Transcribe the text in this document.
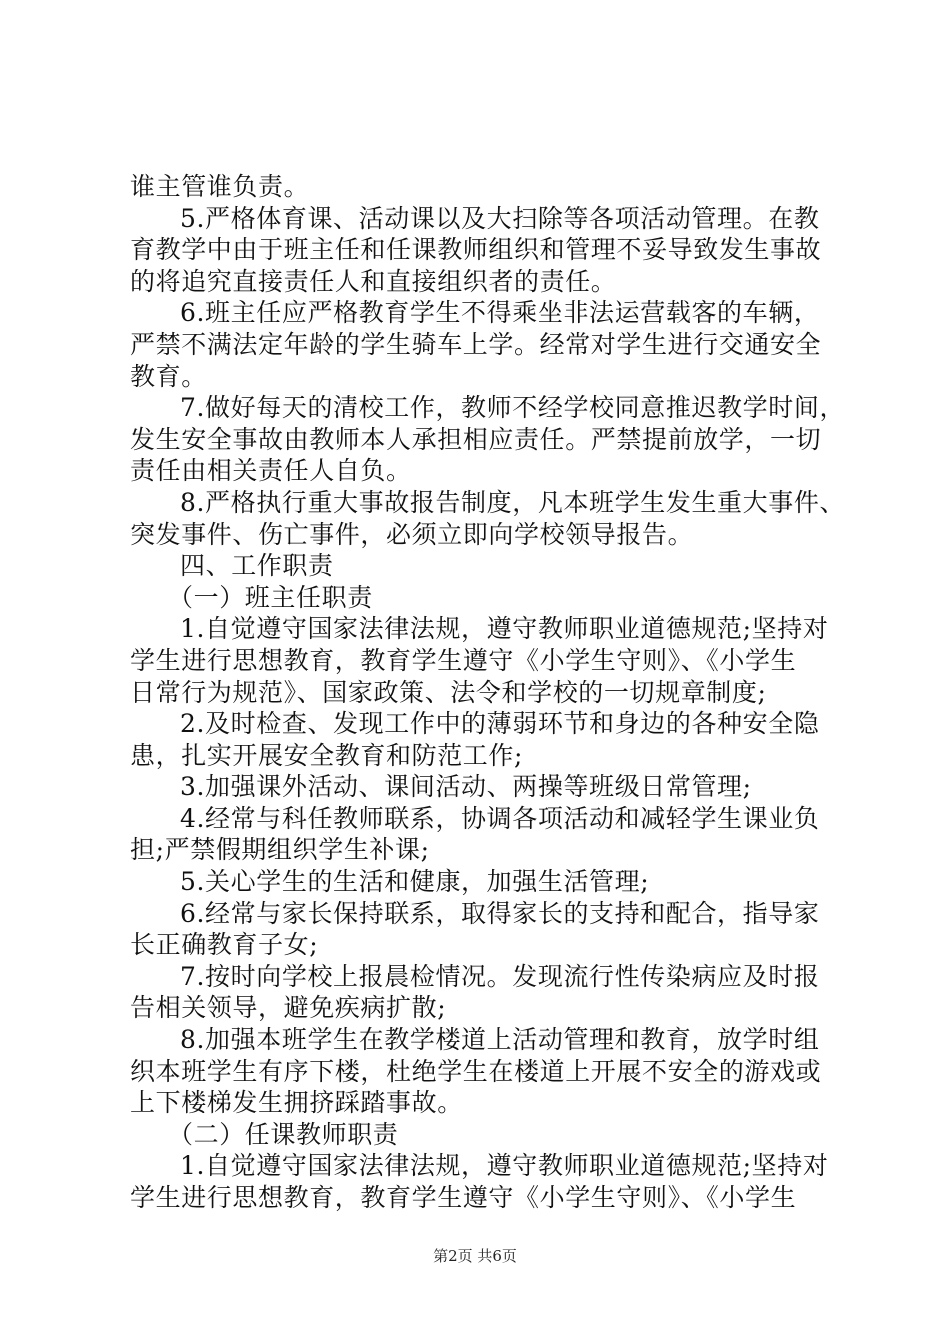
谁主管谁负责。
5.严格体育课、活动课以及大扫除等各项活动管理。在教
育教学中由于班主任和任课教师组织和管理不妥导致发生事故
的将追究直接责任人和直接组织者的责任。
6.班主任应严格教育学生不得乘坐非法运营载客的车辆，
严禁不满法定年龄的学生骑车上学。经常对学生进行交通安全
教育。
7.做好每天的清校工作，教师不经学校同意推迟教学时间，
发生安全事故由教师本人承担相应责任。严禁提前放学，一切
责任由相关责任人自负。
8.严格执行重大事故报告制度，凡本班学生发生重大事件、
突发事件、伤亡事件，必须立即向学校领导报告。
四、工作职责
（一）班主任职责
1.自觉遵守国家法律法规，遵守教师职业道德规范;坚持对
学生进行思想教育，教育学生遵守《小学生守则》、《小学生
日常行为规范》、国家政策、法令和学校的一切规章制度;
2.及时检查、发现工作中的薄弱环节和身边的各种安全隐
患，扎实开展安全教育和防范工作;
3.加强课外活动、课间活动、两操等班级日常管理;
4.经常与科任教师联系，协调各项活动和减轻学生课业负
担;严禁假期组织学生补课;
5.关心学生的生活和健康，加强生活管理;
6.经常与家长保持联系，取得家长的支持和配合，指导家
长正确教育子女;
7.按时向学校上报晨检情况。发现流行性传染病应及时报
告相关领导，避免疾病扩散;
8.加强本班学生在教学楼道上活动管理和教育，放学时组
织本班学生有序下楼，杜绝学生在楼道上开展不安全的游戏或
上下楼梯发生拥挤踩踏事故。
（二）任课教师职责
1.自觉遵守国家法律法规，遵守教师职业道德规范;坚持对
学生进行思想教育，教育学生遵守《小学生守则》、《小学生
第2页 共6页
